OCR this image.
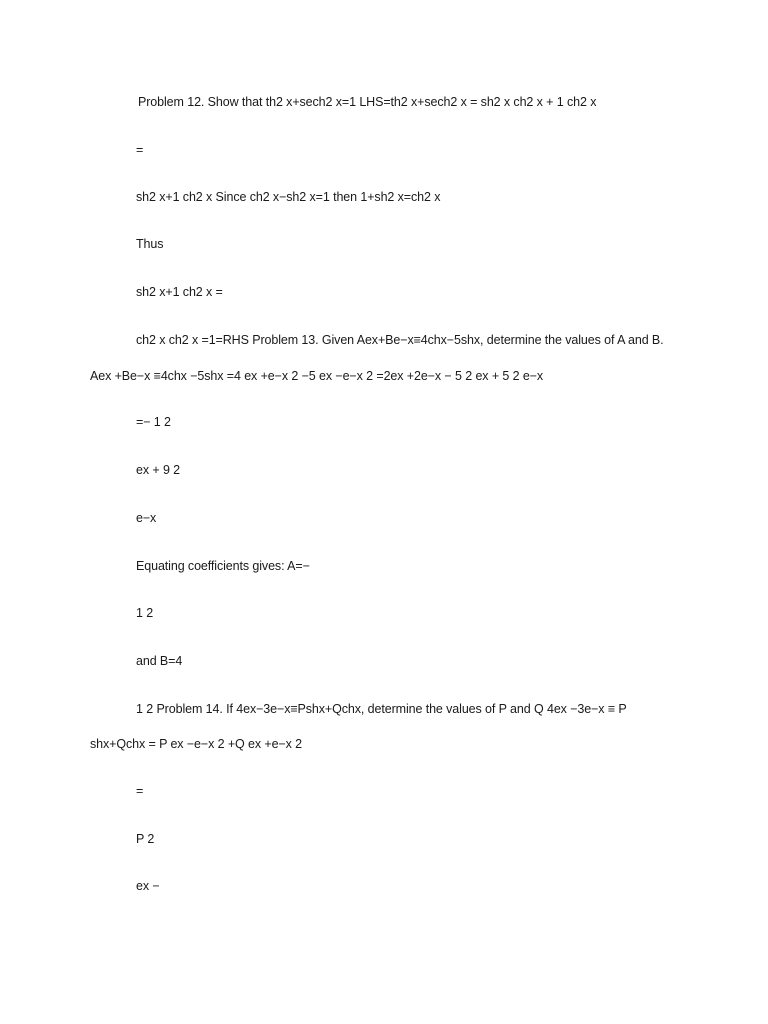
Problem 12. Show that th2 x+sech2 x=1 LHS=th2 x+sech2 x = sh2 x ch2 x + 1 ch2 x

=

sh2 x+1 ch2 x Since ch2 x−sh2 x=1 then 1+sh2 x=ch2 x

Thus

sh2 x+1 ch2 x =

ch2 x ch2 x =1=RHS Problem 13. Given Aex+Be−x≡4chx−5shx, determine the values of A and B.

Aex +Be−x ≡4chx −5shx =4 ex +e−x 2 −5 ex −e−x 2 =2ex +2e−x − 5 2 ex + 5 2 e−x

=− 1 2

ex + 9 2

e−x

Equating coefficients gives: A=−

1 2

and B=4

1 2 Problem 14. If 4ex−3e−x≡Pshx+Qchx, determine the values of P and Q 4ex −3e−x ≡ P

shx+Qchx = P ex −e−x 2 +Q ex +e−x 2

=

P 2

ex −
